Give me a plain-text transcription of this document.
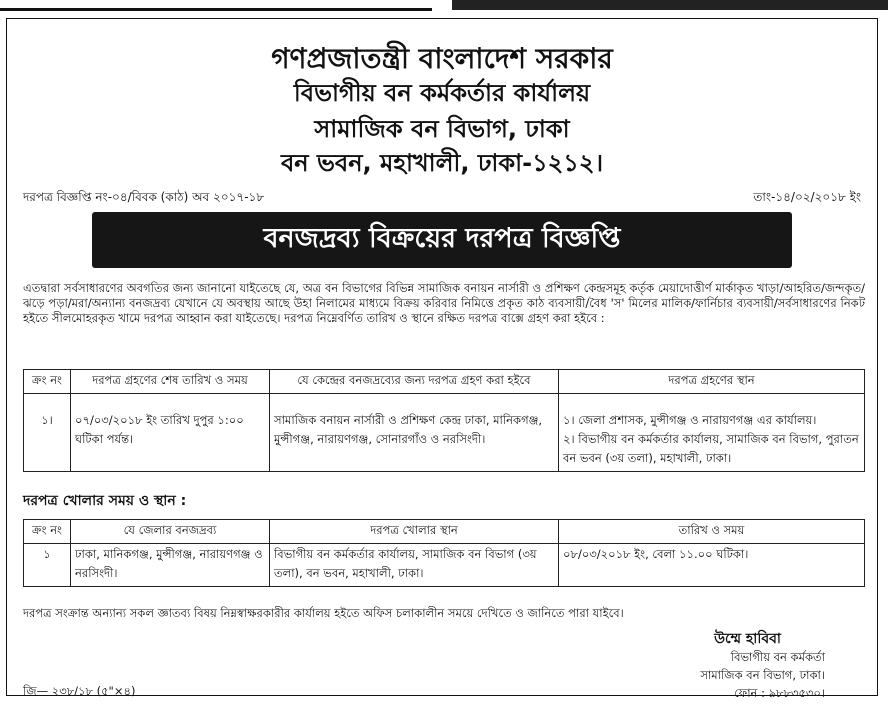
গণপ্রজাতন্ত্রী বাংলাদেশ সরকার
বিভাগীয় বন কর্মকর্তার কার্যালয়
সামাজিক বন বিভাগ, ঢাকা
বন ভবন, মহাখালী, ঢাকা-১২১২।
দরপত্র বিজ্ঞপ্তি নং-০৪/বিবক (কাঠ) অব ২০১৭-১৮	তাং-১৪/০২/২০১৮ ইং
বনজদ্রব্য বিক্রয়ের দরপত্র বিজ্ঞপ্তি
এতদ্বারা সর্বসাধারণের অবগতির জন্য জানানো যাইতেছে যে, অত্র বন বিভাগের বিভিন্ন সামাজিক বনায়ন নার্সারী ও প্রশিক্ষণ কেন্দ্রসমূহ কর্তৃক মেয়াদোত্তীর্ণ মার্কাকৃত খাড়া/আহরিত/জন্দকৃত/ঝড়ে পড়া/মরা/অন্যান্য বনজদ্রব্য যেখানে যে অবস্থায় আছে উহা নিলামের মাধ্যমে বিক্রয় করিবার নিমিত্তে প্রকৃত কাঠ ব্যবসায়ী/বৈধ 'স' মিলের মালিক/ফার্নিচার ব্যবসায়ী/সর্বসাধারণের নিকট হইতে সীলমোহরকৃত খামে দরপত্র আহ্বান করা যাইতেছে। দরপত্র নিম্নেবর্ণিত তারিখ ও স্থানে রক্ষিত দরপত্র বাক্সে গ্রহণ করা হইবে :
ক্রং নং	দরপত্র গ্রহণের শেষ তারিখ ও সময়	যে কেন্দ্রের বনজদ্রব্যের জন্য দরপত্র গ্রহণ করা হইবে	দরপত্র গ্রহণের স্থান
১।	০৭/০৩/২০১৮ ইং তারিখ দুপুর ১:০০ ঘটিকা পর্যন্ত।	সামাজিক বনায়ন নার্সারী ও প্রশিক্ষণ কেন্দ্র ঢাকা, মানিকগঞ্জ, মুন্সীগঞ্জ, নারায়ণগঞ্জ, সোনারগাঁও ও নরসিংদী।	১। জেলা প্রশাসক, মুন্সীগঞ্জ ও নারায়ণগঞ্জ এর কার্যালয়।
২। বিভাগীয় বন কর্মকর্তার কার্যালয়, সামাজিক বন বিভাগ, পুরাতন বন ভবন (৩য় তলা), মহাখালী, ঢাকা।
দরপত্র খোলার সময় ও স্থান :
ক্রং নং	যে জেলার বনজদ্রব্য	দরপত্র খোলার স্থান	তারিখ ও সময়
১	ঢাকা, মানিকগঞ্জ, মুন্সীগঞ্জ, নারায়ণগঞ্জ ও নরসিংদী।	বিভাগীয় বন কর্মকর্তার কার্যালয়, সামাজিক বন বিভাগ (৩য় তলা), বন ভবন, মহাখালী, ঢাকা।	০৮/০৩/২০১৮ ইং, বেলা ১১.০০ ঘটিকা।
দরপত্র সংক্রান্ত অন্যান্য সকল জ্ঞাতব্য বিষয় নিম্নস্বাক্ষরকারীর কার্যালয় হইতে অফিস চলাকালীন সময়ে দেখিতে ও জানিতে পারা যাইবে।
উম্মে হাবিবা
বিভাগীয় বন কর্মকর্তা
সামাজিক বন বিভাগ, ঢাকা।
ফোন : ৯৮৮৩৫৩০।
জি— ২৩৮/১৮ (৫"×৪)
